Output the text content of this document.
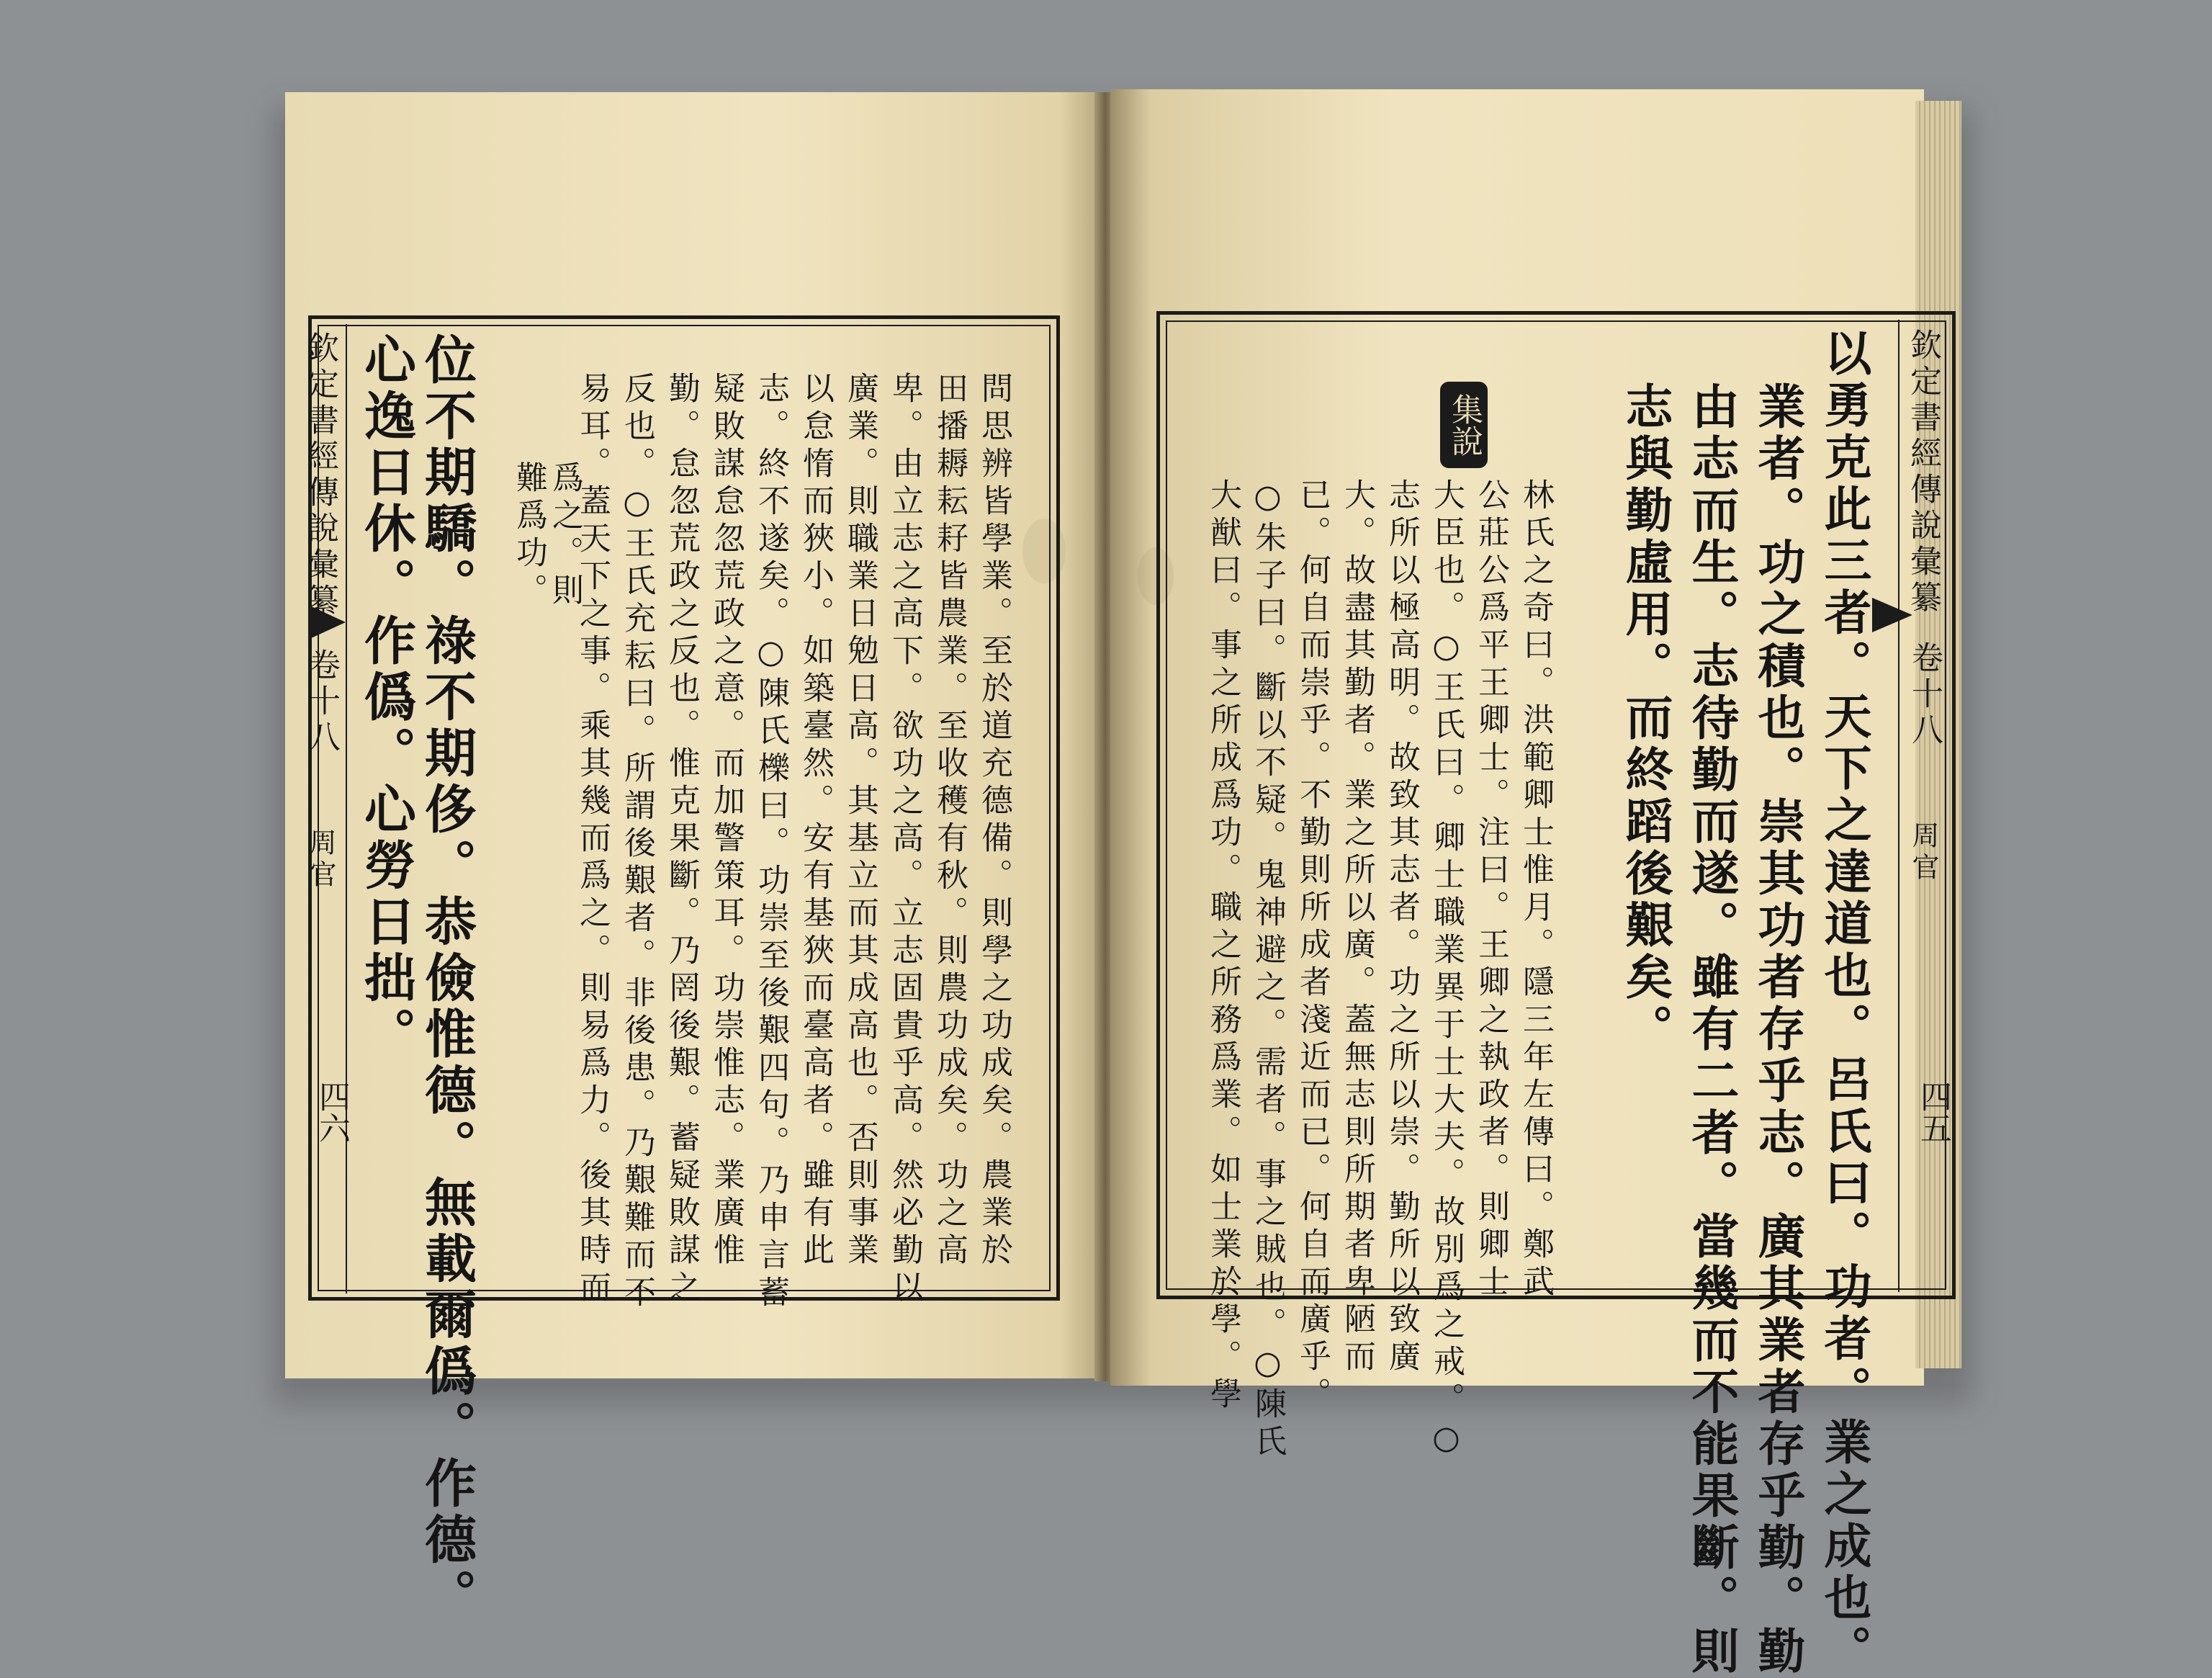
欽定書經傳說彙纂
卷十八
周官
四六 位不期驕。祿不期侈。恭儉惟德。無載爾僞。作德。
心逸日休。作僞。心勞日拙。	問思辨皆學業。至於道充德備。則學之功成矣。農業於
田播耨耘耔皆農業。至收穫有秋。則農功成矣。功之高
卑。由立志之高下。欲功之高。立志固貴乎高。然必勤以
廣業。則職業日勉日高。其基立而其成高也。否則事業
以怠惰而狹小。如築臺然。安有基狹而臺高者。雖有此
志。終不遂矣。○陳氏櫟曰。功崇至後艱四句。乃申言蓄
疑敗謀怠忽荒政之意。而加警策耳。功崇惟志。業廣惟
勤。怠忽荒政之反也。惟克果斷。乃罔後艱。蓄疑敗謀之
反也。○王氏充耘曰。所謂後艱者。非後患。乃艱難而不
易耳。蓋天下之事。乘其幾而爲之。則易爲力。後其時而
爲之。則
難爲功。	欽定書經傳說彙纂
卷十八
周官
四五
以勇克此三者。天下之達道也。呂氏曰。功者。業之成也。
業者。功之積也。崇其功者存乎志。廣其業者存乎勤。勤
由志而生。志待勤而遂。雖有二者。當幾而不能果斷。則
志與勤虛用。而終蹈後艱矣。
集說
林氏之奇曰。洪範卿士惟月。隱三年左傳曰。鄭武
公莊公爲平王卿士。注曰。王卿之執政者。則卿士
大臣也。○王氏曰。卿士職業異于士大夫。故別爲之戒。○
志所以極高明。故致其志者。功之所以崇。勤所以致廣
大。故盡其勤者。業之所以廣。蓋無志則所期者卑陋而
已。何自而崇乎。不勤則所成者淺近而已。何自而廣乎。
○朱子曰。斷以不疑。鬼神避之。需者。事之賊也。○陳氏
大猷曰。事之所成爲功。職之所務爲業。如士業於學。學
